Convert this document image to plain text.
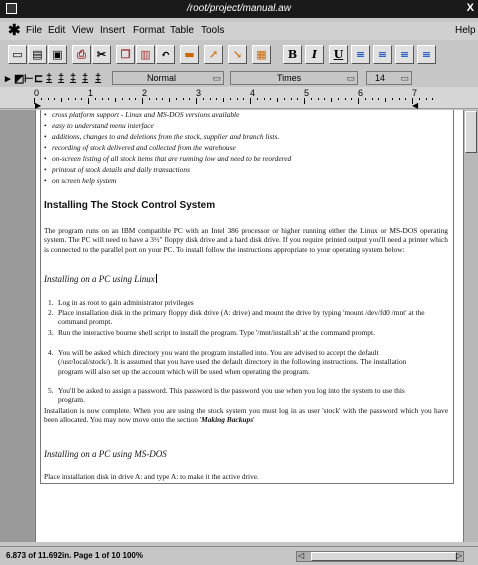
/root/project/manual.aw	X
✱ File Edit View Insert Format Table Tools	Help
▭ ▤ ▣	⎙ ✂	❐ ▥ ↶	▬	↗	↘	▦	B	I	U	≡	≡	≡	≡
▸ ◩ ⊢ ⊏ ‡ ‡ ‡ ‡ ‡	Normal	▭	Times	▭ 14 ▭
0	1	2	3	4	5	6	7
▶	◀
• cross platform support - Linux and MS-DOS versions available
• easy to understand menu interface
• additions, changes to and deletions from the stock, supplier and branch lists.
• recording of stock delivered and collected from the warehouse
• on-screen listing of all stock items that are running low and need to be reordered
• printout of stock details and daily transactions
• on screen help system
Installing The Stock Control System
The program runs on an IBM compatible PC with an Intel 386 processor or higher running either the Linux or MS-DOS operating system. The PC will need to have a 3½" floppy disk drive and a hard disk drive. If you require printed output you'll need a printer which is connected to the parallel port on your PC. To install follow the instructions appropriate to your operating system below:
Installing on a PC using Linux
1. Log in as root to gain administrator privileges
2. Place installation disk in the primary floppy disk drive (A: drive) and mount the drive by typing 'mount /dev/fd0 /mnt' at the command prompt.
3. Run the interactive bourne shell script to install the program. Type '/mnt/install.sh' at the command prompt.
4. You will be asked which directory you want the program installed into. You are advised to accept the default (/usr/local/stock/). It is assumed that you have used the default directory in the following instructions. The installation program will also set up the account which will be used when operating the program.
5. You'll be asked to assign a password. This password is the password you use when you log into the system to use this program.
Installation is now complete. When you are using the stock system you must log in as user 'stock' with the password which you have been allocated. You may now move onto the section 'Making Backups'
Installing on a PC using MS-DOS
Place installation disk in drive A: and type A: to make it the active drive.
6.873 of 11.692in. Page 1 of 10 100%	◁	▷
